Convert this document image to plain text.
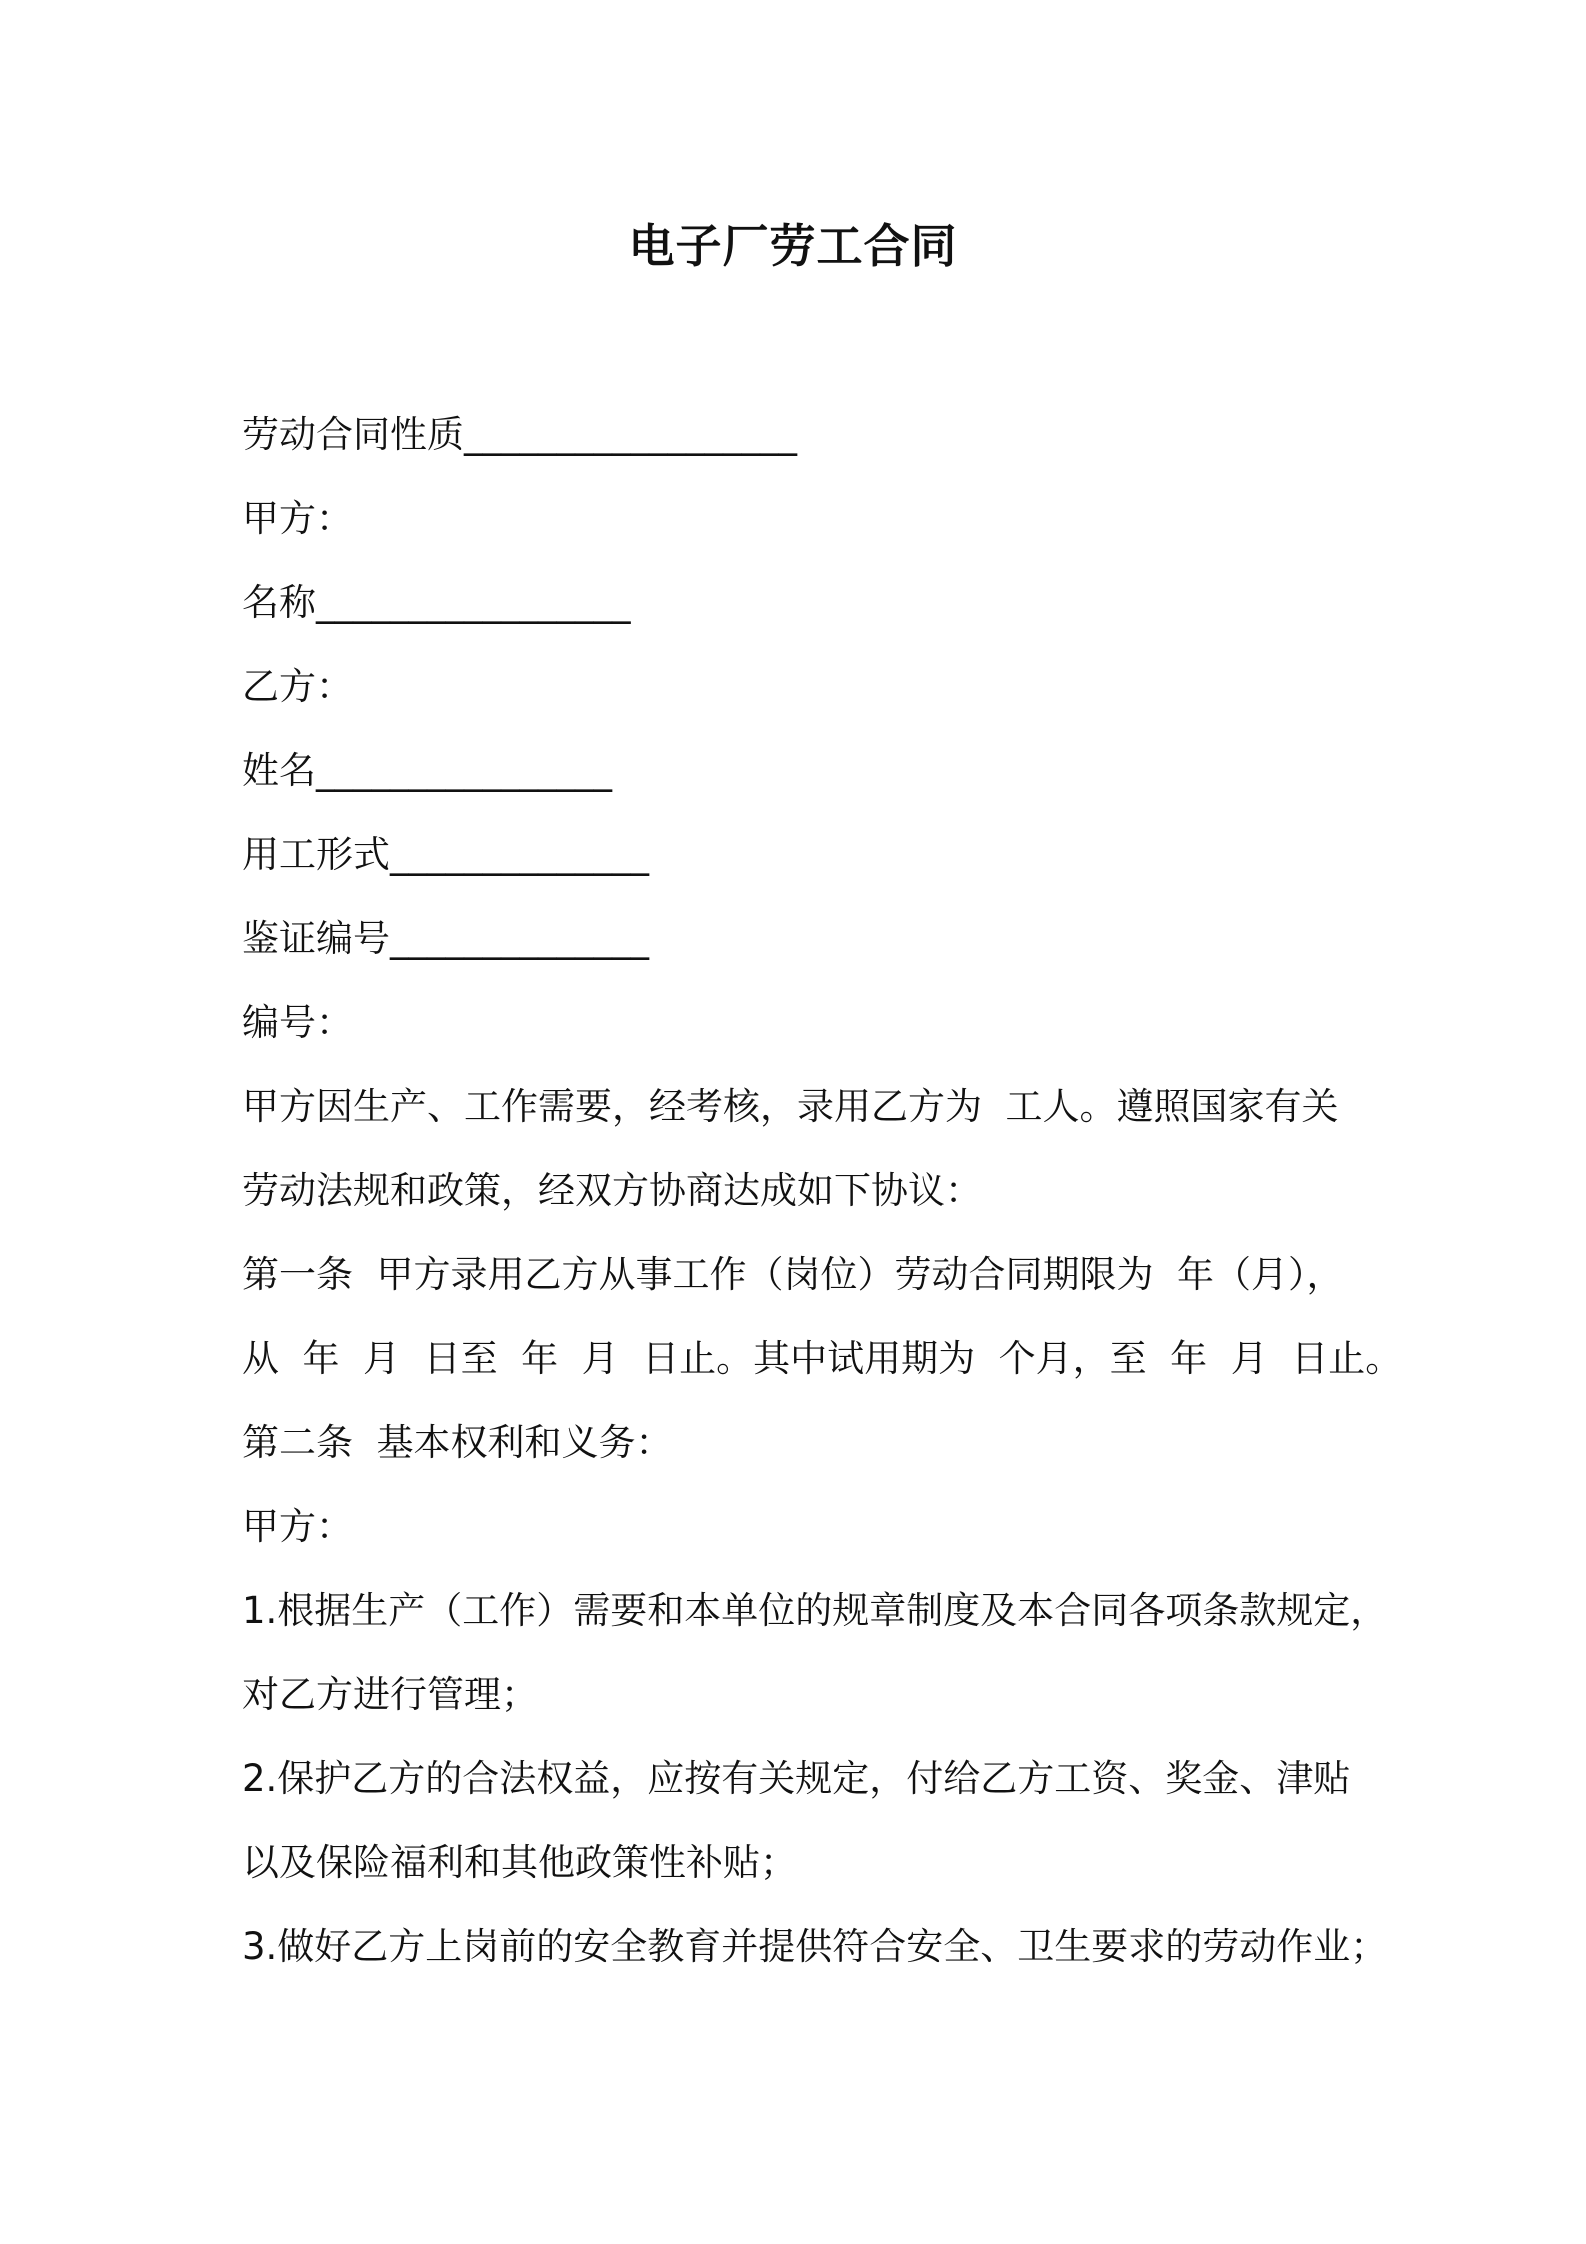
电子厂劳工合同
劳动合同性质__________________
甲方：
名称_________________
乙方：
姓名________________
用工形式______________
鉴证编号______________
编号：
甲方因生产、工作需要，经考核，录用乙方为  工人。遵照国家有关
劳动法规和政策，经双方协商达成如下协议：
第一条  甲方录用乙方从事工作（岗位）劳动合同期限为  年（月），
从  年  月  日至  年  月  日止。其中试用期为  个月，至  年  月  日止。
第二条  基本权利和义务：
甲方：
1.根据生产（工作）需要和本单位的规章制度及本合同各项条款规定，
对乙方进行管理；
2.保护乙方的合法权益，应按有关规定，付给乙方工资、奖金、津贴
以及保险福利和其他政策性补贴；
3.做好乙方上岗前的安全教育并提供符合安全、卫生要求的劳动作业；
